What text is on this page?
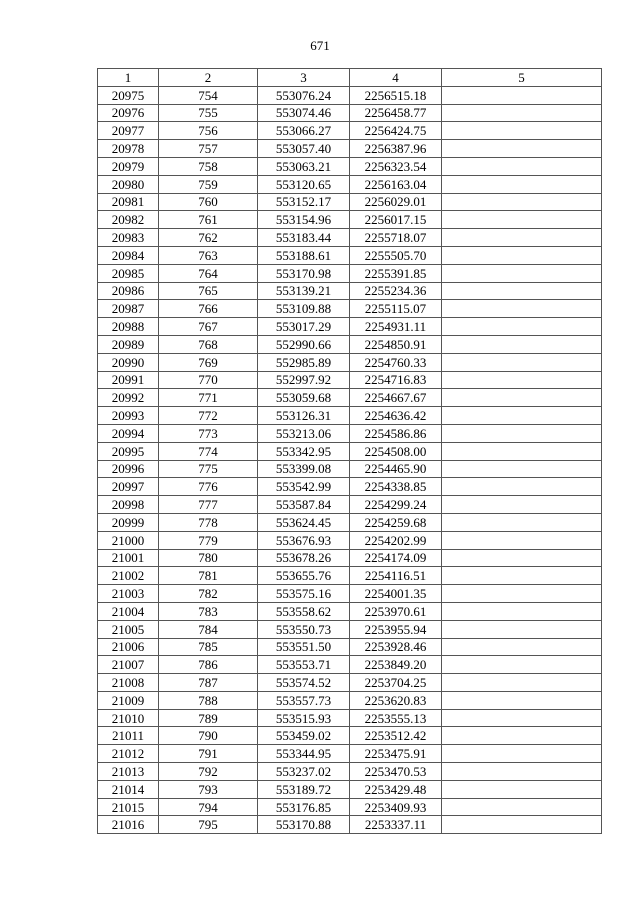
671
1	2	3	4	5
20975	754	553076.24	2256515.18	
20976	755	553074.46	2256458.77	
20977	756	553066.27	2256424.75	
20978	757	553057.40	2256387.96	
20979	758	553063.21	2256323.54	
20980	759	553120.65	2256163.04	
20981	760	553152.17	2256029.01	
20982	761	553154.96	2256017.15	
20983	762	553183.44	2255718.07	
20984	763	553188.61	2255505.70	
20985	764	553170.98	2255391.85	
20986	765	553139.21	2255234.36	
20987	766	553109.88	2255115.07	
20988	767	553017.29	2254931.11	
20989	768	552990.66	2254850.91	
20990	769	552985.89	2254760.33	
20991	770	552997.92	2254716.83	
20992	771	553059.68	2254667.67	
20993	772	553126.31	2254636.42	
20994	773	553213.06	2254586.86	
20995	774	553342.95	2254508.00	
20996	775	553399.08	2254465.90	
20997	776	553542.99	2254338.85	
20998	777	553587.84	2254299.24	
20999	778	553624.45	2254259.68	
21000	779	553676.93	2254202.99	
21001	780	553678.26	2254174.09	
21002	781	553655.76	2254116.51	
21003	782	553575.16	2254001.35	
21004	783	553558.62	2253970.61	
21005	784	553550.73	2253955.94	
21006	785	553551.50	2253928.46	
21007	786	553553.71	2253849.20	
21008	787	553574.52	2253704.25	
21009	788	553557.73	2253620.83	
21010	789	553515.93	2253555.13	
21011	790	553459.02	2253512.42	
21012	791	553344.95	2253475.91	
21013	792	553237.02	2253470.53	
21014	793	553189.72	2253429.48	
21015	794	553176.85	2253409.93	
21016	795	553170.88	2253337.11	
